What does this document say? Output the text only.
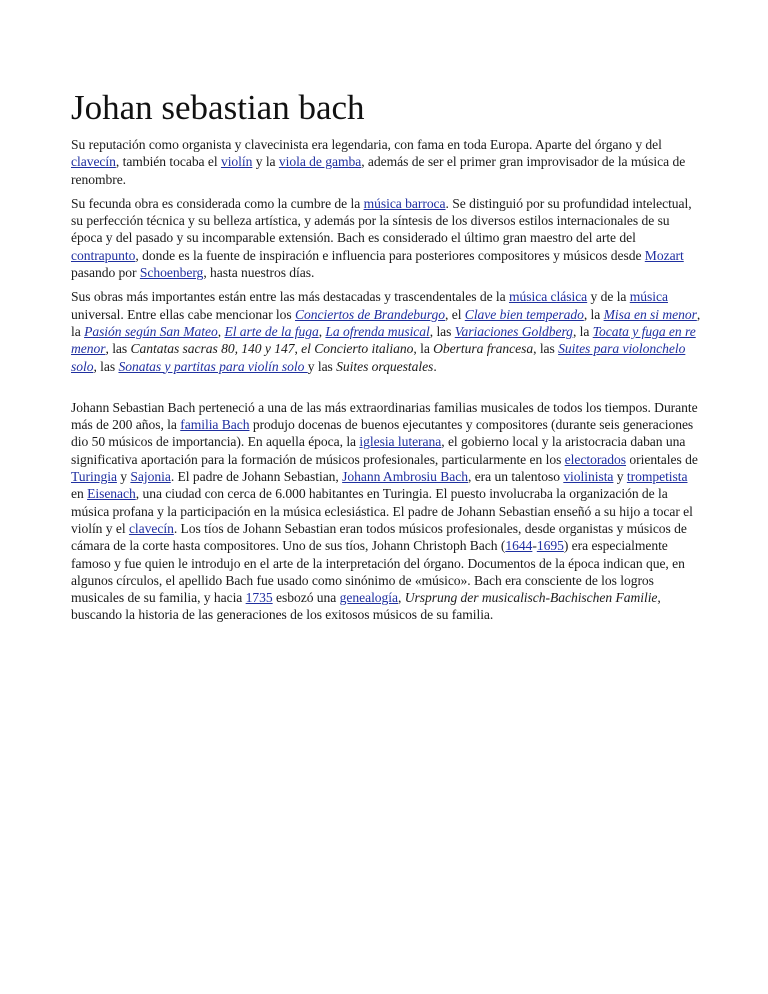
Johan sebastian bach

Su reputación como organista y clavecinista era legendaria, con fama en toda Europa. Aparte del órgano y del clavecín, también tocaba el violín y la viola de gamba, además de ser el primer gran improvisador de la música de renombre.

Su fecunda obra es considerada como la cumbre de la música barroca. Se distinguió por su profundidad intelectual, su perfección técnica y su belleza artística, y además por la síntesis de los diversos estilos internacionales de su época y del pasado y su incomparable extensión. Bach es considerado el último gran maestro del arte del contrapunto, donde es la fuente de inspiración e influencia para posteriores compositores y músicos desde Mozart pasando por Schoenberg, hasta nuestros días.

Sus obras más importantes están entre las más destacadas y trascendentales de la música clásica y de la música universal. Entre ellas cabe mencionar los Conciertos de Brandeburgo, el Clave bien temperado, la Misa en si menor, la Pasión según San Mateo, El arte de la fuga, La ofrenda musical, las Variaciones Goldberg, la Tocata y fuga en re menor, las Cantatas sacras 80, 140 y 147, el Concierto italiano, la Obertura francesa, las Suites para violonchelo solo, las Sonatas y partitas para violín solo y las Suites orquestales.

Johann Sebastian Bach perteneció a una de las más extraordinarias familias musicales de todos los tiempos. Durante más de 200 años, la familia Bach produjo docenas de buenos ejecutantes y compositores (durante seis generaciones dio 50 músicos de importancia). En aquella época, la iglesia luterana, el gobierno local y la aristocracia daban una significativa aportación para la formación de músicos profesionales, particularmente en los electorados orientales de Turingia y Sajonia. El padre de Johann Sebastian, Johann Ambrosiu Bach, era un talentoso violinista y trompetista en Eisenach, una ciudad con cerca de 6.000 habitantes en Turingia. El puesto involucraba la organización de la música profana y la participación en la música eclesiástica. El padre de Johann Sebastian enseñó a su hijo a tocar el violín y el clavecín. Los tíos de Johann Sebastian eran todos músicos profesionales, desde organistas y músicos de cámara de la corte hasta compositores. Uno de sus tíos, Johann Christoph Bach (1644-1695) era especialmente famoso y fue quien le introdujo en el arte de la interpretación del órgano. Documentos de la época indican que, en algunos círculos, el apellido Bach fue usado como sinónimo de «músico». Bach era consciente de los logros musicales de su familia, y hacia 1735 esbozó una genealogía, Ursprung der musicalisch-Bachischen Familie, buscando la historia de las generaciones de los exitosos músicos de su familia.
